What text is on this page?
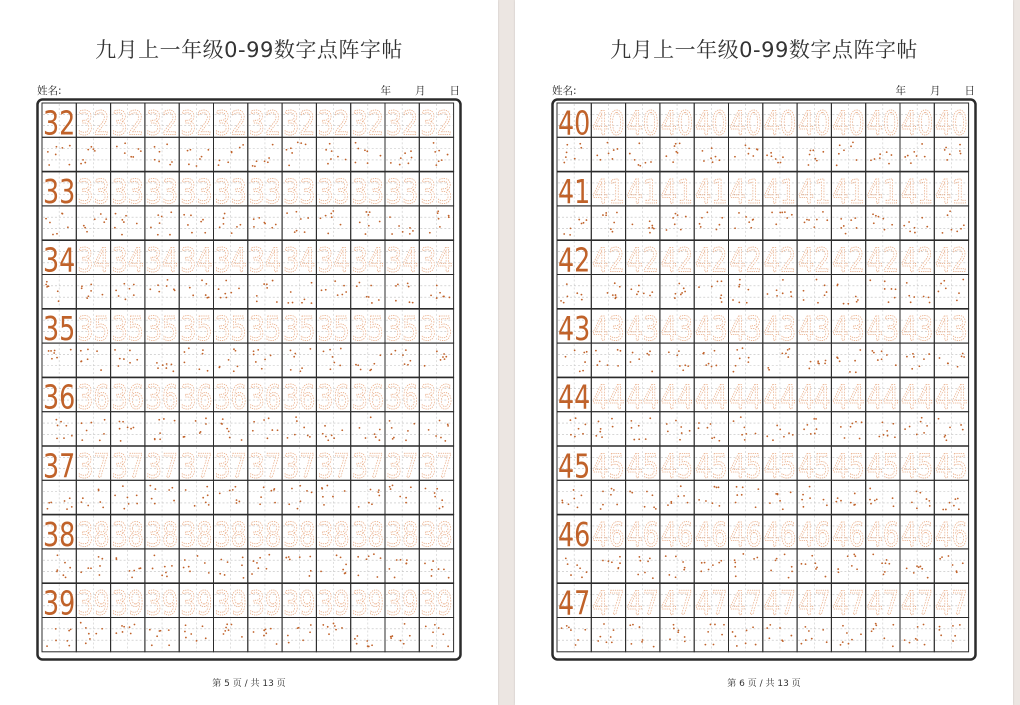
九月上一年级0-99数字点阵字帖
姓名:	年 月 日
32 32 32 32 32 32 32 32 32 32 32 32
33 33 33 33 33 33 33 33 33 33 33 33
34 34 34 34 34 34 34 34 34 34 34 34
35 35 35 35 35 35 35 35 35 35 35 35
36 36 36 36 36 36 36 36 36 36 36 36
37 37 37 37 37 37 37 37 37 37 37 37
38 38 38 38 38 38 38 38 38 38 38 38
39 39 39 39 39 39 39 39 39 39 39 39
第 5 页 / 共 13 页
九月上一年级0-99数字点阵字帖
姓名:	年 月 日
40 40 40 40 40 40 40 40 40 40 40 40
41 41 41 41 41 41 41 41 41 41 41 41
42 42 42 42 42 42 42 42 42 42 42 42
43 43 43 43 43 43 43 43 43 43 43 43
44 44 44 44 44 44 44 44 44 44 44 44
45 45 45 45 45 45 45 45 45 45 45 45
46 46 46 46 46 46 46 46 46 46 46 46
47 47 47 47 47 47 47 47 47 47 47 47
第 6 页 / 共 13 页
